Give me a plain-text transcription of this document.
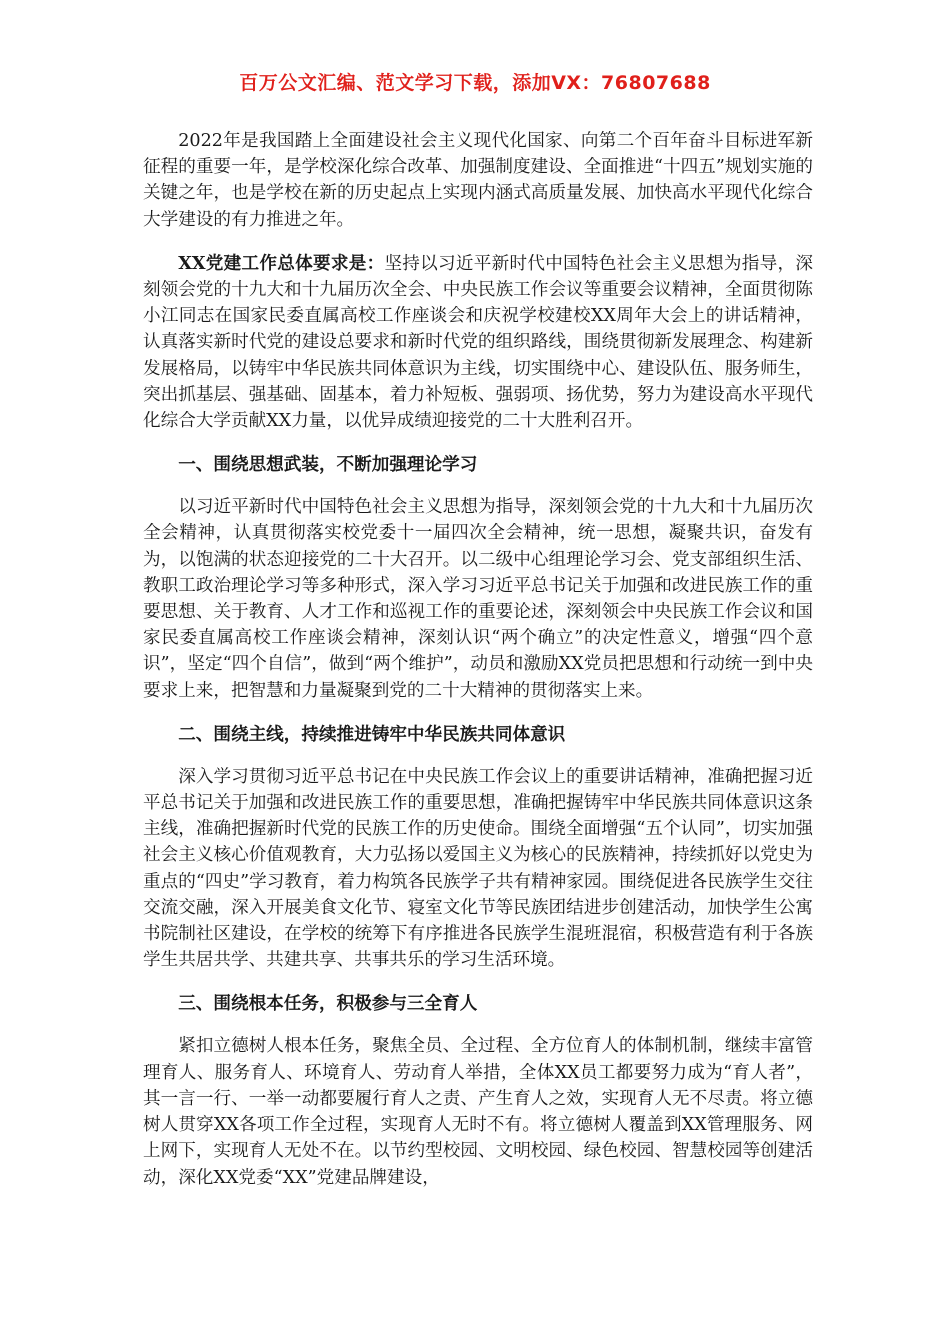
百万公文汇编、范文学习下载，添加VX：76807688

2022年是我国踏上全面建设社会主义现代化国家、向第二个百年奋斗目标进军新征程的重要一年，是学校深化综合改革、加强制度建设、全面推进“十四五”规划实施的关键之年，也是学校在新的历史起点上实现内涵式高质量发展、加快高水平现代化综合大学建设的有力推进之年。

XX党建工作总体要求是：坚持以习近平新时代中国特色社会主义思想为指导，深刻领会党的十九大和十九届历次全会、中央民族工作会议等重要会议精神，全面贯彻陈小江同志在国家民委直属高校工作座谈会和庆祝学校建校XX周年大会上的讲话精神，认真落实新时代党的建设总要求和新时代党的组织路线，围绕贯彻新发展理念、构建新发展格局，以铸牢中华民族共同体意识为主线，切实围绕中心、建设队伍、服务师生，突出抓基层、强基础、固基本，着力补短板、强弱项、扬优势，努力为建设高水平现代化综合大学贡献XX力量，以优异成绩迎接党的二十大胜利召开。

一、围绕思想武装，不断加强理论学习

以习近平新时代中国特色社会主义思想为指导，深刻领会党的十九大和十九届历次全会精神，认真贯彻落实校党委十一届四次全会精神，统一思想，凝聚共识，奋发有为，以饱满的状态迎接党的二十大召开。以二级中心组理论学习会、党支部组织生活、教职工政治理论学习等多种形式，深入学习习近平总书记关于加强和改进民族工作的重要思想、关于教育、人才工作和巡视工作的重要论述，深刻领会中央民族工作会议和国家民委直属高校工作座谈会精神，深刻认识“两个确立”的决定性意义，增强“四个意识”，坚定“四个自信”，做到“两个维护”，动员和激励XX党员把思想和行动统一到中央要求上来，把智慧和力量凝聚到党的二十大精神的贯彻落实上来。

二、围绕主线，持续推进铸牢中华民族共同体意识

深入学习贯彻习近平总书记在中央民族工作会议上的重要讲话精神，准确把握习近平总书记关于加强和改进民族工作的重要思想，准确把握铸牢中华民族共同体意识这条主线，准确把握新时代党的民族工作的历史使命。围绕全面增强“五个认同”，切实加强社会主义核心价值观教育，大力弘扬以爱国主义为核心的民族精神，持续抓好以党史为重点的“四史”学习教育，着力构筑各民族学子共有精神家园。围绕促进各民族学生交往交流交融，深入开展美食文化节、寝室文化节等民族团结进步创建活动，加快学生公寓书院制社区建设，在学校的统筹下有序推进各民族学生混班混宿，积极营造有利于各族学生共居共学、共建共享、共事共乐的学习生活环境。

三、围绕根本任务，积极参与三全育人

紧扣立德树人根本任务，聚焦全员、全过程、全方位育人的体制机制，继续丰富管理育人、服务育人、环境育人、劳动育人举措，全体XX员工都要努力成为“育人者”，其一言一行、一举一动都要履行育人之责、产生育人之效，实现育人无不尽责。将立德树人贯穿XX各项工作全过程，实现育人无时不有。将立德树人覆盖到XX管理服务、网上网下，实现育人无处不在。以节约型校园、文明校园、绿色校园、智慧校园等创建活动，深化XX党委“XX”党建品牌建设，
